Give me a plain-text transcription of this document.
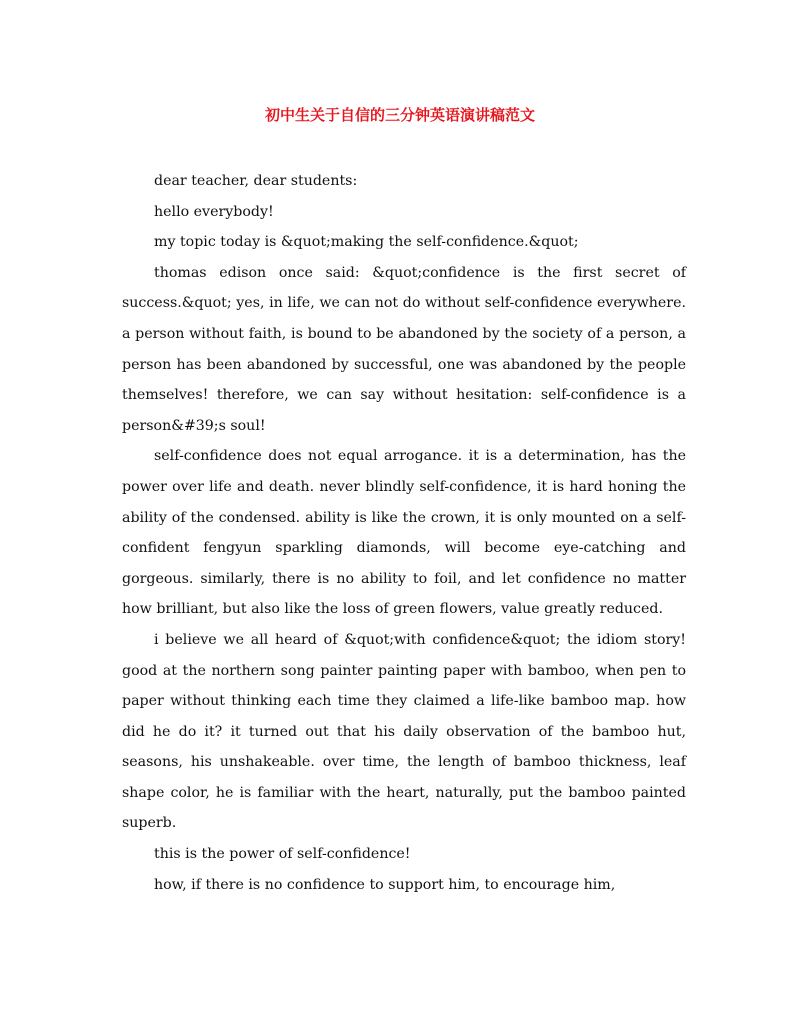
初中生关于自信的三分钟英语演讲稿范文

dear teacher, dear students:

hello everybody!

my topic today is &quot;making the self-confidence.&quot;

thomas edison once said: &quot;confidence is the first secret of success.&quot; yes, in life, we can not do without self-confidence everywhere. a person without faith, is bound to be abandoned by the society of a person, a person has been abandoned by successful, one was abandoned by the people themselves! therefore, we can say without hesitation: self-confidence is a person&#39;s soul!

self-confidence does not equal arrogance. it is a determination, has the power over life and death. never blindly self-confidence, it is hard honing the ability of the condensed. ability is like the crown, it is only mounted on a self-confident fengyun sparkling diamonds, will become eye-catching and gorgeous. similarly, there is no ability to foil, and let confidence no matter how brilliant, but also like the loss of green flowers, value greatly reduced.

i believe we all heard of &quot;with confidence&quot; the idiom story! good at the northern song painter painting paper with bamboo, when pen to paper without thinking each time they claimed a life-like bamboo map. how did he do it? it turned out that his daily observation of the bamboo hut, seasons, his unshakeable. over time, the length of bamboo thickness, leaf shape color, he is familiar with the heart, naturally, put the bamboo painted superb.

this is the power of self-confidence!

how, if there is no confidence to support him, to encourage him,
